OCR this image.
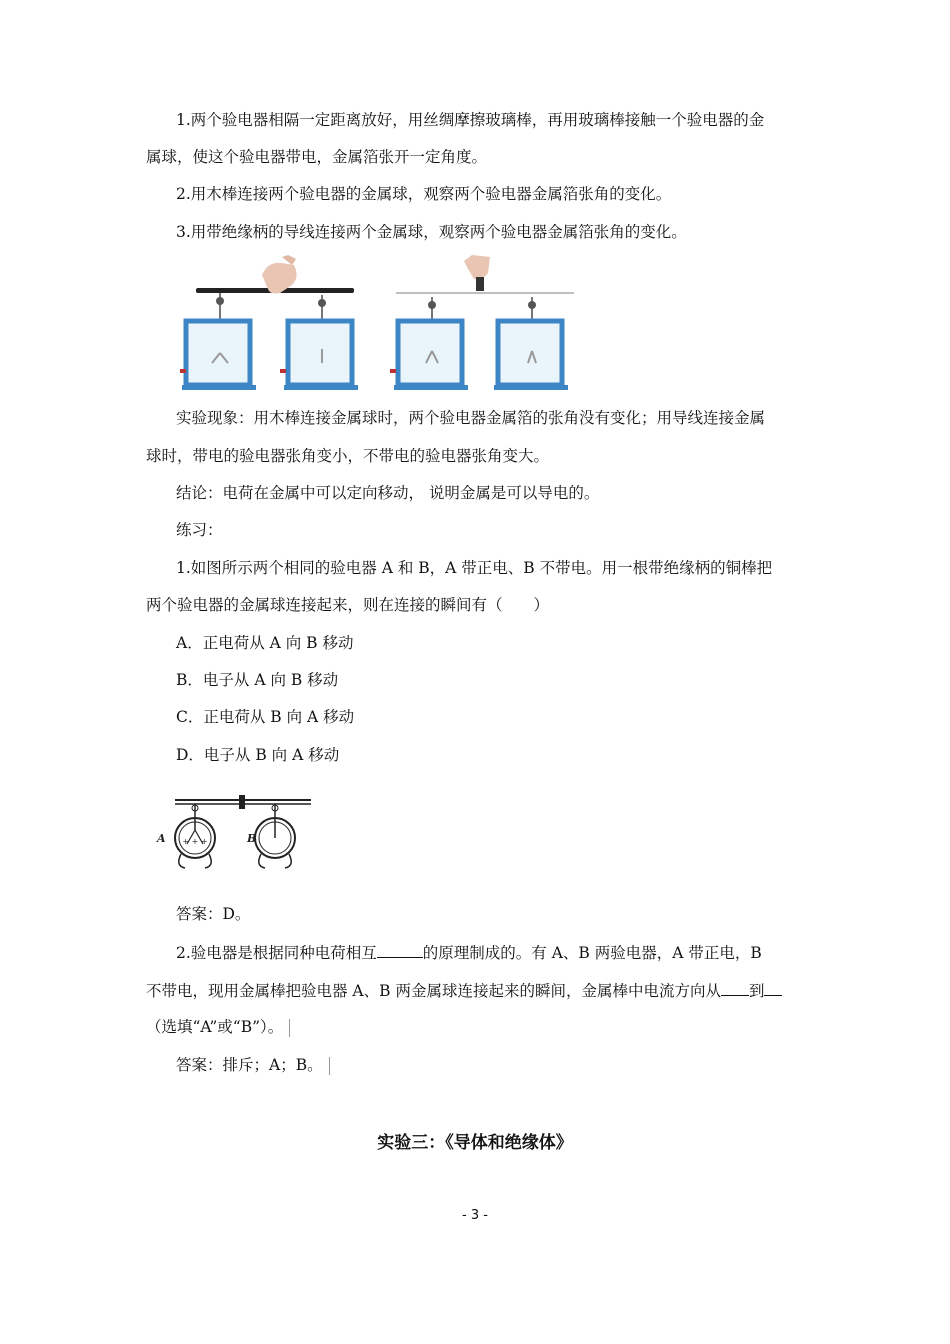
1.两个验电器相隔一定距离放好，用丝绸摩擦玻璃棒，再用玻璃棒接触一个验电器的金
属球，使这个验电器带电，金属箔张开一定角度。
2.用木棒连接两个验电器的金属球，观察两个验电器金属箔张角的变化。
3.用带绝缘柄的导线连接两个金属球，观察两个验电器金属箔张角的变化。
实验现象：用木棒连接金属球时，两个验电器金属箔的张角没有变化；用导线连接金属
球时，带电的验电器张角变小，不带电的验电器张角变大。
结论：电荷在金属中可以定向移动， 说明金属是可以导电的。
练习：
1.如图所示两个相同的验电器 A 和 B，A 带正电、B 不带电。用一根带绝缘柄的铜棒把
两个验电器的金属球连接起来，则在连接的瞬间有（　　）
A．正电荷从 A 向 B 移动
B．电子从 A 向 B 移动
C．正电荷从 B 向 A 移动
D．电子从 B 向 A 移动
+ + +
A	B
答案：D。
2.验电器是根据同种电荷相互	的原理制成的。有 A、B 两验电器，A 带正电，B
不带电，现用金属棒把验电器 A、B 两金属球连接起来的瞬间，金属棒中电流方向从 到
（选填“A”或“B”）。
答案：排斥；A；B。
实验三：《导体和绝缘体》
- 3 -
